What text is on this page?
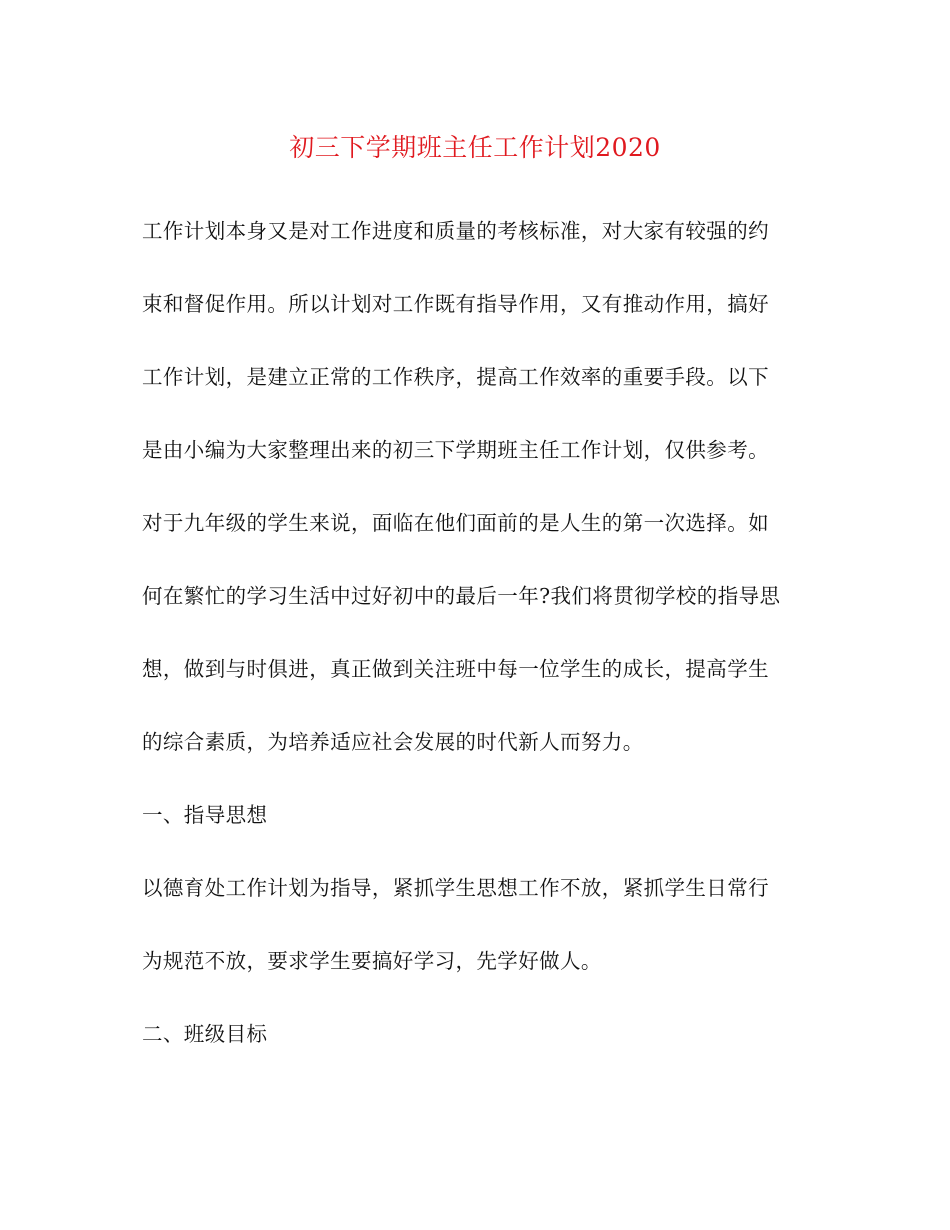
初三下学期班主任工作计划2020
工作计划本身又是对工作进度和质量的考核标准，对大家有较强的约
束和督促作用。所以计划对工作既有指导作用，又有推动作用，搞好
工作计划，是建立正常的工作秩序，提高工作效率的重要手段。以下
是由小编为大家整理出来的初三下学期班主任工作计划，仅供参考。
对于九年级的学生来说，面临在他们面前的是人生的第一次选择。如
何在繁忙的学习生活中过好初中的最后一年?我们将贯彻学校的指导思
想，做到与时俱进，真正做到关注班中每一位学生的成长，提高学生
的综合素质，为培养适应社会发展的时代新人而努力。
一、指导思想
以德育处工作计划为指导，紧抓学生思想工作不放，紧抓学生日常行
为规范不放，要求学生要搞好学习，先学好做人。
二、班级目标
